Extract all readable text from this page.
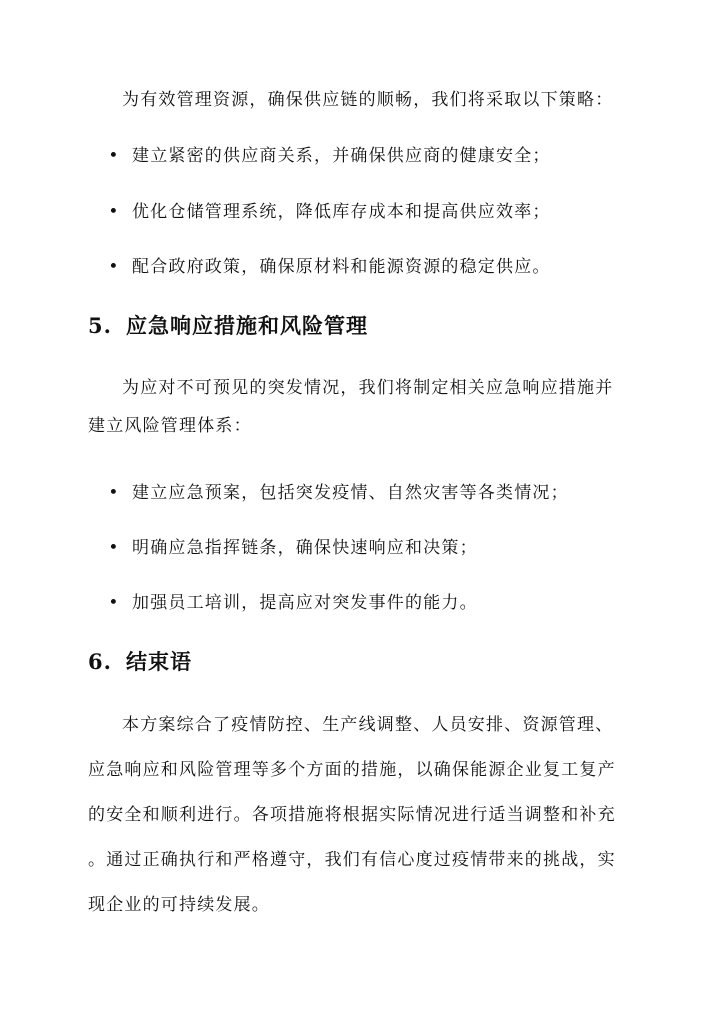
为有效管理资源，确保供应链的顺畅，我们将采取以下策略：

• 建立紧密的供应商关系，并确保供应商的健康安全；
• 优化仓储管理系统，降低库存成本和提高供应效率；
• 配合政府政策，确保原材料和能源资源的稳定供应。
5. 应急响应措施和风险管理
为应对不可预见的突发情况，我们将制定相关应急响应措施并
建立风险管理体系：
• 建立应急预案，包括突发疫情、自然灾害等各类情况；
• 明确应急指挥链条，确保快速响应和决策；
• 加强员工培训，提高应对突发事件的能力。
6. 结束语
本方案综合了疫情防控、生产线调整、人员安排、资源管理、
应急响应和风险管理等多个方面的措施，以确保能源企业复工复产
的安全和顺利进行。各项措施将根据实际情况进行适当调整和补充
。通过正确执行和严格遵守，我们有信心度过疫情带来的挑战，实
现企业的可持续发展。
